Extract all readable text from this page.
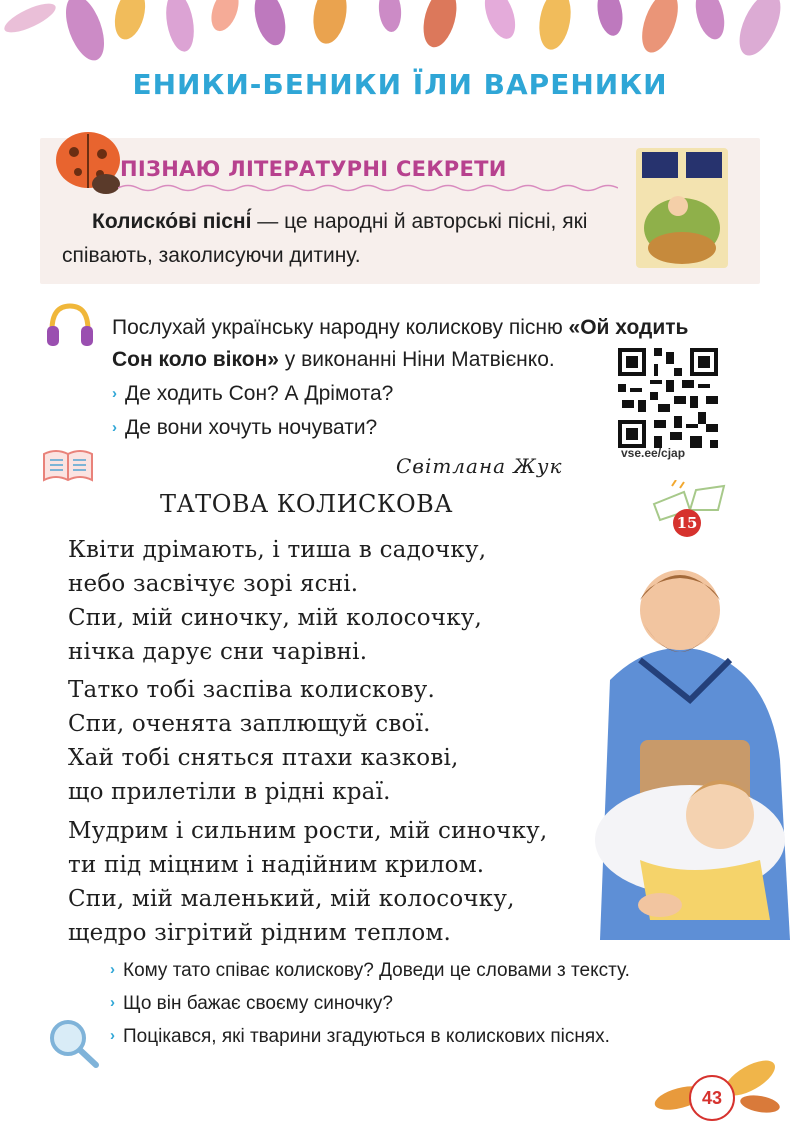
ЕНИКИ-БЕНИКИ ЇЛИ ВАРЕНИКИ
ПІЗНАЮ ЛІТЕРАТУРНІ СЕКРЕТИ
Колиско́ві пісні́ — це народні й авторські пісні, які співають, заколисуючи дитину.
Послухай українську народну колискову пісню «Ой ходить Сон коло вікон» у виконанні Ніни Матвієнко.
› Де ходить Сон? А Дрімота?
› Де вони хочуть ночувати?
vse.ee/cjap
Світлана Жук
ТАТОВА КОЛИСКОВА
15
Квіти дрімають, і тиша в садочку,
небо засвічує зорі ясні.
Спи, мій синочку, мій колосочку,
нічка дарує сни чарівні.
Татко тобі заспіва колискову.
Спи, оченята заплющуй свої.
Хай тобі сняться птахи казкові,
що прилетіли в рідні краї.
Мудрим і сильним рости, мій синочку,
ти під міцним і надійним крилом.
Спи, мій маленький, мій колосочку,
щедро зігрітий рідним теплом.
› Кому тато співає колискову? Доведи це словами з тексту.
› Що він бажає своєму синочку?
› Поцікався, які тварини згадуються в колискових піснях.
43
